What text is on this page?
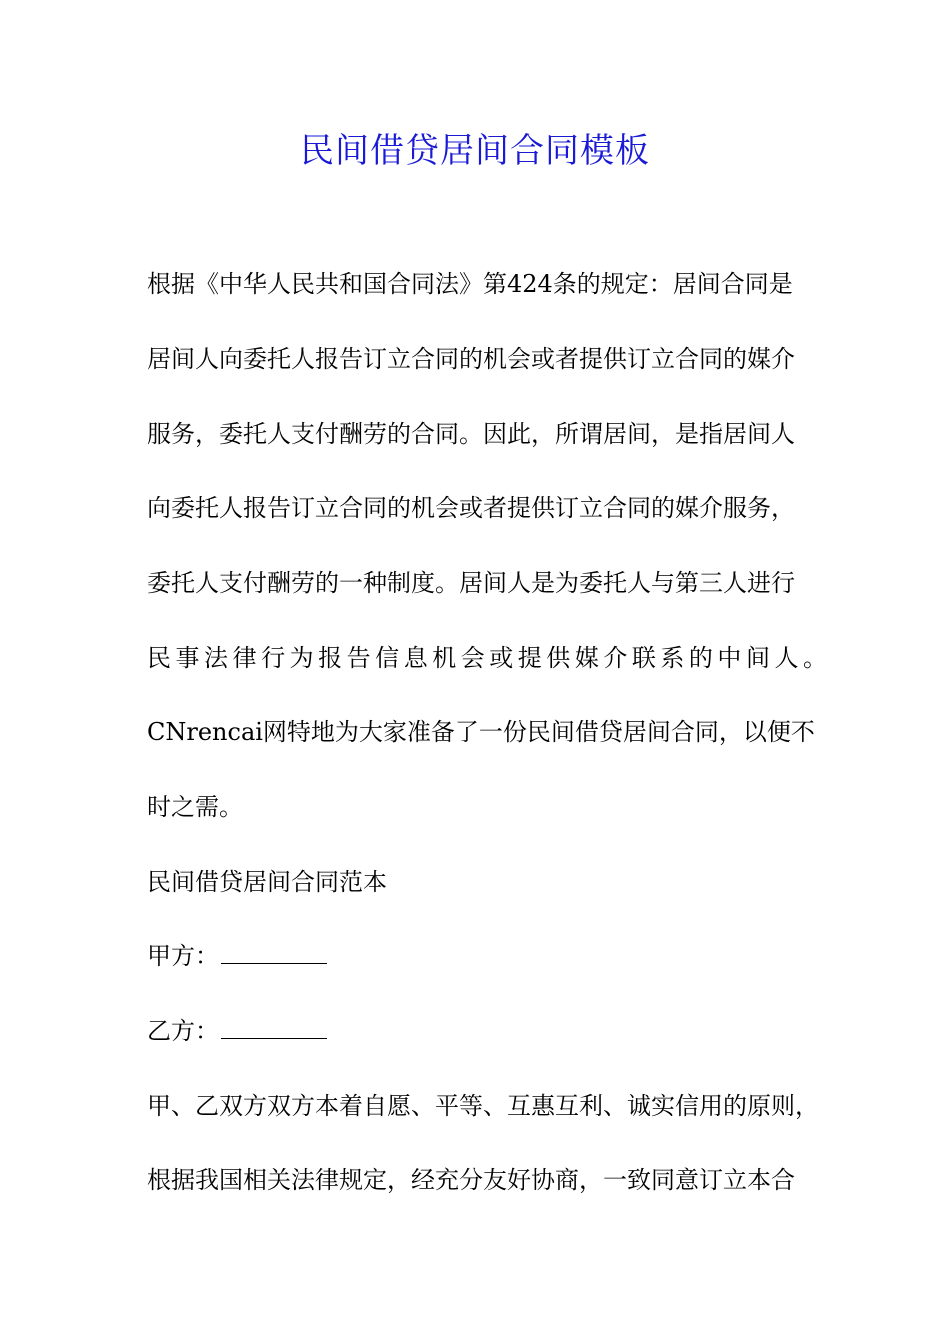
民间借贷居间合同模板
根据《中华人民共和国合同法》第424条的规定：居间合同是
居间人向委托人报告订立合同的机会或者提供订立合同的媒介
服务，委托人支付酬劳的合同。因此，所谓居间，是指居间人
向委托人报告订立合同的机会或者提供订立合同的媒介服务，
委托人支付酬劳的一种制度。居间人是为委托人与第三人进行
民事法律行为报告信息机会或提供媒介联系的中间人。
CNrencai网特地为大家准备了一份民间借贷居间合同，以便不
时之需。
民间借贷居间合同范本
甲方：
乙方：
甲、乙双方双方本着自愿、平等、互惠互利、诚实信用的原则，
根据我国相关法律规定，经充分友好协商，一致同意订立本合
